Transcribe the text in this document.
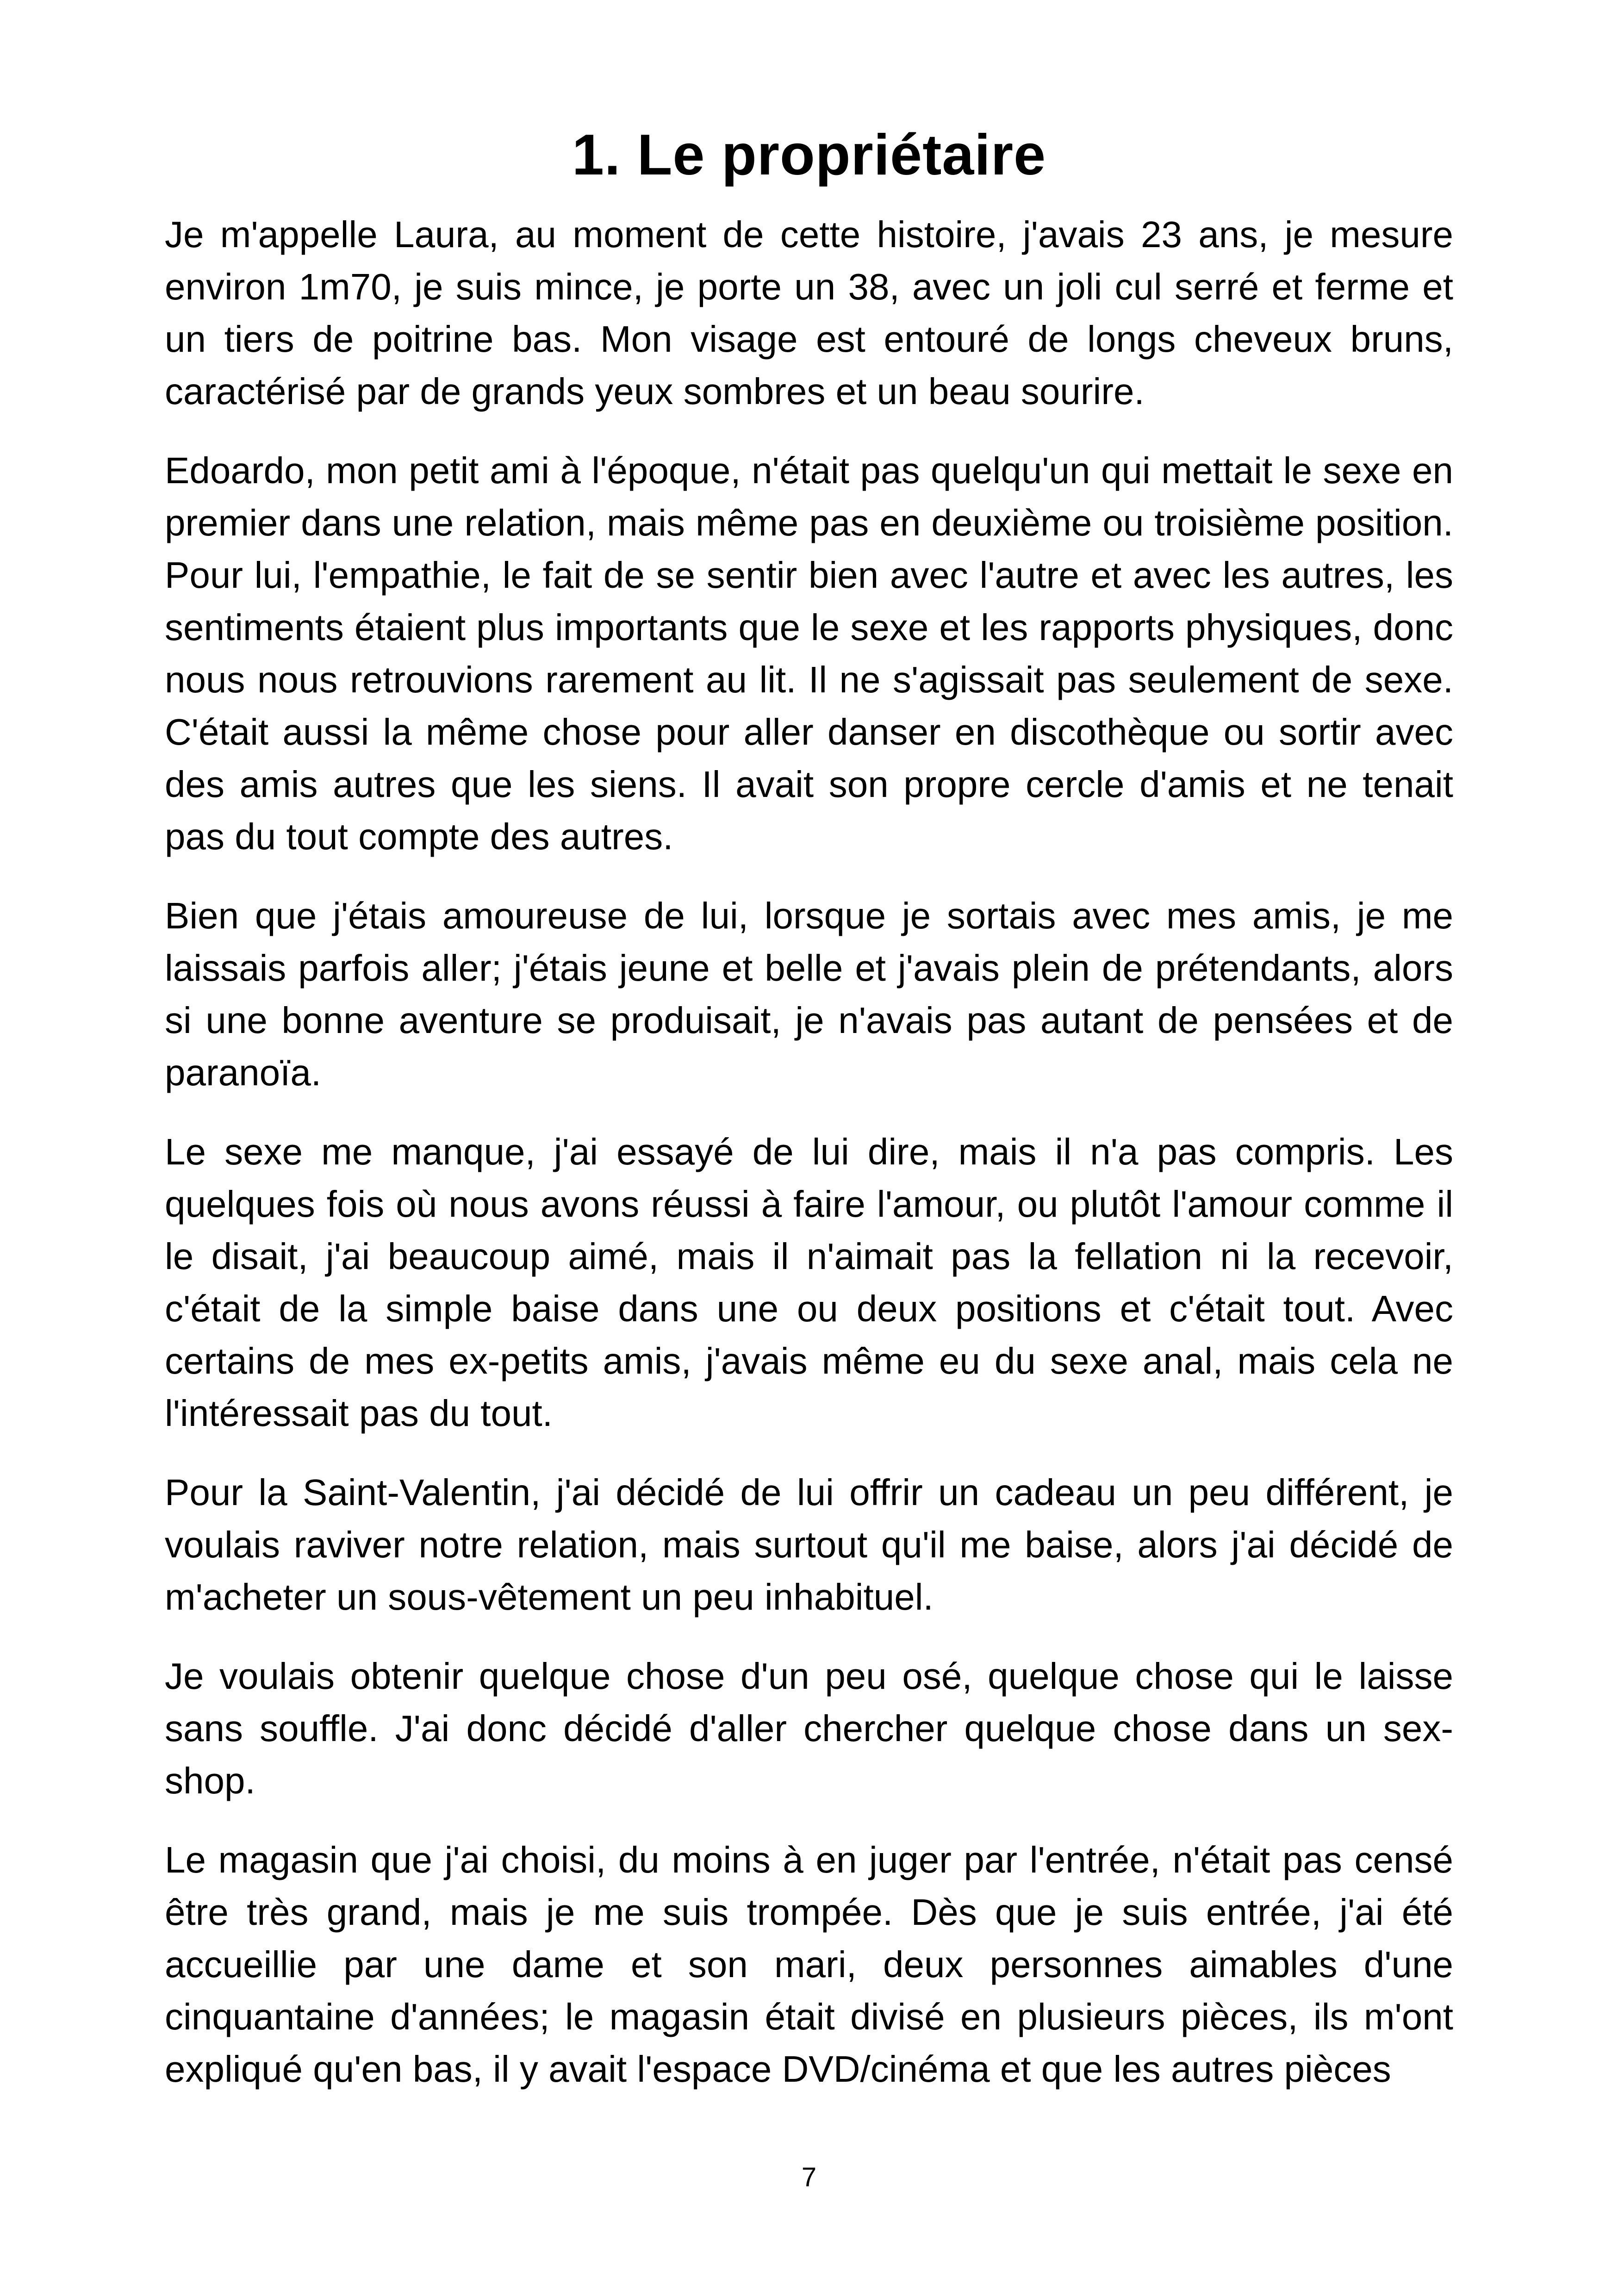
1. Le propriétaire

Je m'appelle Laura, au moment de cette histoire, j'avais 23 ans, je mesure environ 1m70, je suis mince, je porte un 38, avec un joli cul serré et ferme et un tiers de poitrine bas. Mon visage est entouré de longs cheveux bruns, caractérisé par de grands yeux sombres et un beau sourire.

Edoardo, mon petit ami à l'époque, n'était pas quelqu'un qui mettait le sexe en premier dans une relation, mais même pas en deuxième ou troisième position. Pour lui, l'empathie, le fait de se sentir bien avec l'autre et avec les autres, les sentiments étaient plus importants que le sexe et les rapports physiques, donc nous nous retrouvions rarement au lit. Il ne s'agissait pas seulement de sexe. C'était aussi la même chose pour aller danser en discothèque ou sortir avec des amis autres que les siens. Il avait son propre cercle d'amis et ne tenait pas du tout compte des autres.

Bien que j'étais amoureuse de lui, lorsque je sortais avec mes amis, je me laissais parfois aller; j'étais jeune et belle et j'avais plein de prétendants, alors si une bonne aventure se produisait, je n'avais pas autant de pensées et de paranoïa.

Le sexe me manque, j'ai essayé de lui dire, mais il n'a pas compris. Les quelques fois où nous avons réussi à faire l'amour, ou plutôt l'amour comme il le disait, j'ai beaucoup aimé, mais il n'aimait pas la fellation ni la recevoir, c'était de la simple baise dans une ou deux positions et c'était tout. Avec certains de mes ex-petits amis, j'avais même eu du sexe anal, mais cela ne l'intéressait pas du tout.

Pour la Saint-Valentin, j'ai décidé de lui offrir un cadeau un peu différent, je voulais raviver notre relation, mais surtout qu'il me baise, alors j'ai décidé de m'acheter un sous-vêtement un peu inhabituel.

Je voulais obtenir quelque chose d'un peu osé, quelque chose qui le laisse sans souffle. J'ai donc décidé d'aller chercher quelque chose dans un sex-shop.

Le magasin que j'ai choisi, du moins à en juger par l'entrée, n'était pas censé être très grand, mais je me suis trompée. Dès que je suis entrée, j'ai été accueillie par une dame et son mari, deux personnes aimables d'une cinquantaine d'années; le magasin était divisé en plusieurs pièces, ils m'ont expliqué qu'en bas, il y avait l'espace DVD/cinéma et que les autres pièces

7
